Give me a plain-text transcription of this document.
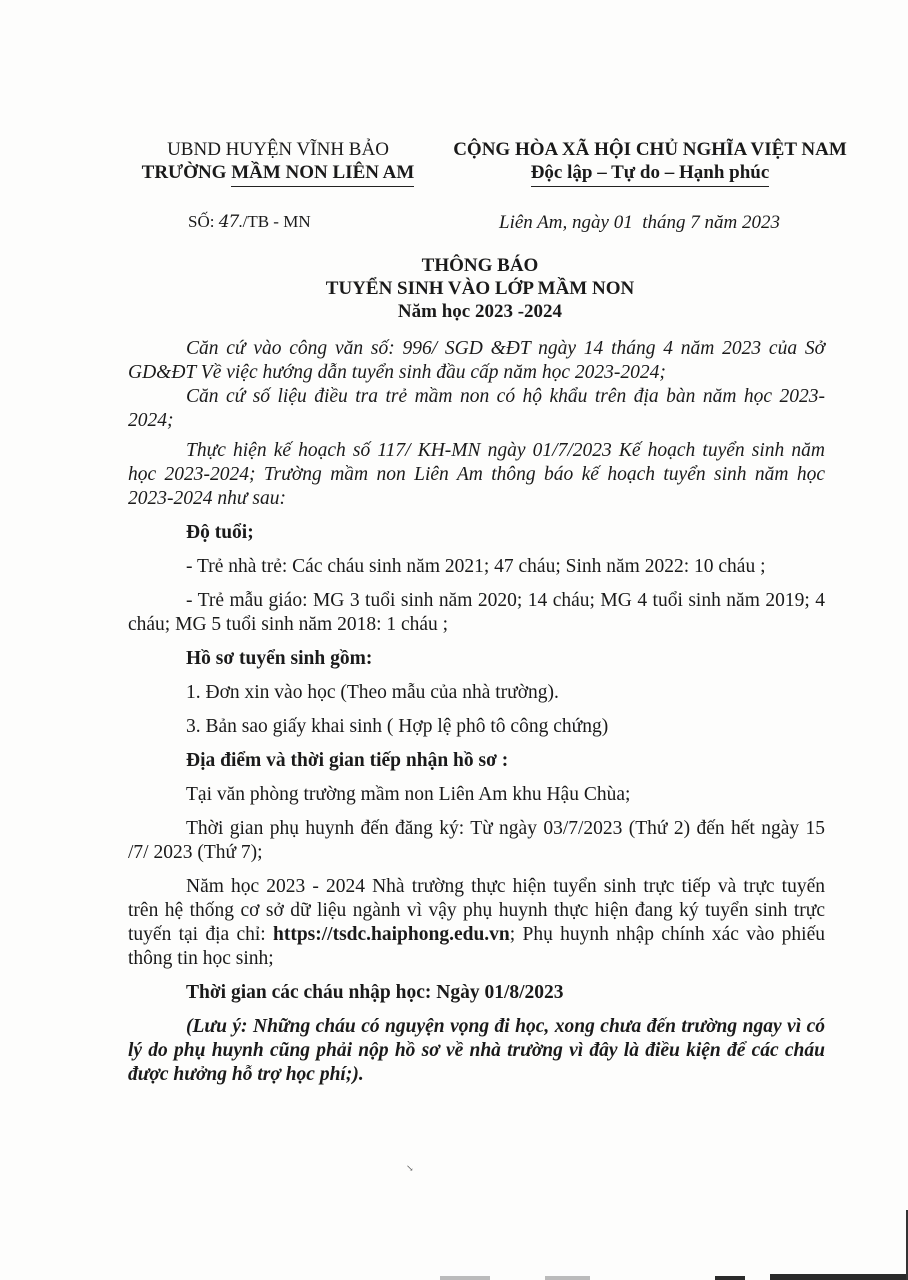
UBND HUYỆN VĨNH BẢO
TRƯỜNG MẦM NON LIÊN AM
CỘNG HÒA XÃ HỘI CHỦ NGHĨA VIỆT NAM
Độc lập – Tự do – Hạnh phúc
SỐ: 47./TB - MN	Liên Am, ngày 01  tháng 7 năm 2023
THÔNG BÁO
TUYỂN SINH VÀO LỚP MẦM NON
Năm học 2023 -2024

Căn cứ vào công văn số: 996/ SGD &ĐT ngày 14 tháng 4 năm 2023 của Sở GD&ĐT Về việc hướng dẫn tuyển sinh đầu cấp năm học 2023-2024;

Căn cứ số liệu điều tra trẻ mầm non có hộ khẩu trên địa bàn năm học 2023- 2024;

Thực hiện kế hoạch số 117/ KH-MN ngày 01/7/2023 Kế hoạch tuyển sinh năm học 2023-2024; Trường mầm non Liên Am thông báo kế hoạch tuyển sinh năm học 2023-2024 như sau:

Độ tuổi;

- Trẻ nhà trẻ: Các cháu sinh năm 2021; 47 cháu; Sinh năm 2022: 10 cháu ;

- Trẻ mẫu giáo: MG 3 tuổi sinh năm 2020; 14 cháu; MG 4 tuổi sinh năm 2019; 4 cháu; MG 5 tuổi sinh năm 2018: 1 cháu ;

Hồ sơ tuyển sinh gồm:

1. Đơn xin vào học (Theo mẫu của nhà trường).

3. Bản sao giấy khai sinh ( Hợp lệ phô tô công chứng)

Địa điểm và thời gian tiếp nhận hồ sơ :

Tại văn phòng trường mầm non Liên Am khu Hậu Chùa;

Thời gian phụ huynh đến đăng ký: Từ ngày 03/7/2023 (Thứ 2) đến hết ngày 15 /7/ 2023 (Thứ 7);

Năm học 2023 - 2024 Nhà trường thực hiện tuyển sinh trực tiếp và trực tuyến trên hệ thống cơ sở dữ liệu ngành vì vậy phụ huynh thực hiện đang ký tuyển sinh trực tuyến tại địa chỉ: https://tsdc.haiphong.edu.vn; Phụ huynh nhập chính xác vào phiếu thông tin học sinh;

Thời gian các cháu nhập học: Ngày 01/8/2023

(Lưu ý: Những cháu có nguyện vọng đi học, xong chưa đến trường ngay vì có lý do phụ huynh cũng phải nộp hồ sơ về nhà trường vì đây là điều kiện để các cháu được hưởng hỗ trợ học phí;).

↘
